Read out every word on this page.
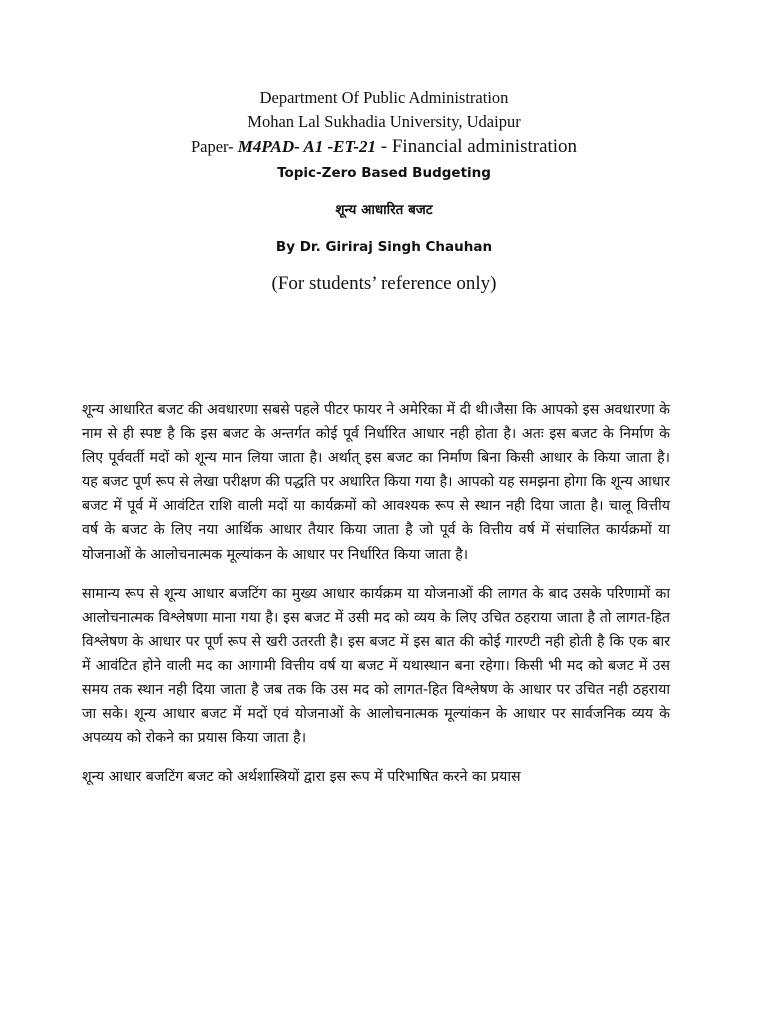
Department Of Public Administration

Mohan Lal Sukhadia University, Udaipur

Paper- M4PAD- A1 -ET-21 - Financial administration

Topic-Zero Based Budgeting

शून्य आधारित बजट

By Dr. Giriraj Singh Chauhan

(For students’ reference only)

शून्य आधारित बजट की अवधारणा सबसे पहले पीटर फायर ने अमेरिका में दी थी।जैसा कि आपको इस अवधारणा के नाम से ही स्पष्ट है कि इस बजट के अन्तर्गत कोई पूर्व निर्धारित आधार नही होता है। अतः इस बजट के निर्माण के लिए पूर्ववर्ती मदों को शून्य मान लिया जाता है। अर्थात् इस बजट का निर्माण बिना किसी आधार के किया जाता है। यह बजट पूर्ण रूप से लेखा परीक्षण की पद्धति पर अधारित किया गया है। आपको यह समझना होगा कि शून्य आधार बजट में पूर्व में आवंटित राशि वाली मदों या कार्यक्रमों को आवश्यक रूप से स्थान नही दिया जाता है। चालू वित्तीय वर्ष के बजट के लिए नया आर्थिक आधार तैयार किया जाता है जो पूर्व के वित्तीय वर्ष में संचालित कार्यक्रमों या योजनाओं के आलोचनात्मक मूल्यांकन के आधार पर निर्धारित किया जाता है।

सामान्य रूप से शून्य आधार बजटिंग का मुख्य आधार कार्यक्रम या योजनाओं की लागत के बाद उसके परिणामों का आलोचनात्मक विश्लेषणा माना गया है। इस बजट में उसी मद को व्यय के लिए उचित ठहराया जाता है तो लागत-हित विश्लेषण के आधार पर पूर्ण रूप से खरी उतरती है। इस बजट में इस बात की कोई गारण्टी नही होती है कि एक बार में आवंटित होने वाली मद का आगामी वित्तीय वर्ष या बजट में यथास्थान बना रहेगा। किसी भी मद को बजट में उस समय तक स्थान नही दिया जाता है जब तक कि उस मद को लागत-हित विश्लेषण के आधार पर उचित नही ठहराया जा सके। शून्य आधार बजट में मदों एवं योजनाओं के आलोचनात्मक मूल्यांकन के आधार पर सार्वजनिक व्यय के अपव्यय को रोकने का प्रयास किया जाता है।

शून्य आधार बजटिंग बजट को अर्थशास्त्रियों द्वारा इस रूप में परिभाषित करने का प्रयास
